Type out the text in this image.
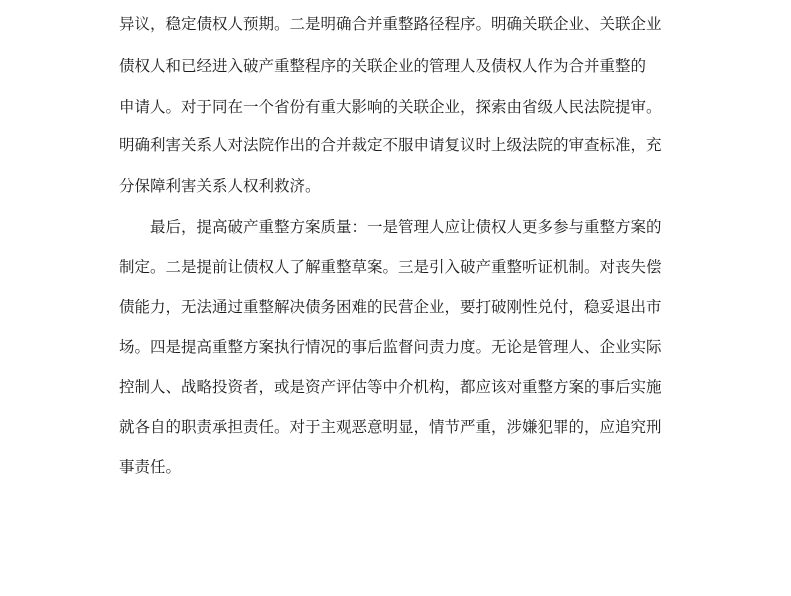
异议，稳定债权人预期。二是明确合并重整路径程序。明确关联企业、关联企业

债权人和已经进入破产重整程序的关联企业的管理人及债权人作为合并重整的

申请人。对于同在一个省份有重大影响的关联企业，探索由省级人民法院提审。

明确利害关系人对法院作出的合并裁定不服申请复议时上级法院的审查标准，充

分保障利害关系人权利救济。

最后，提高破产重整方案质量：一是管理人应让债权人更多参与重整方案的

制定。二是提前让债权人了解重整草案。三是引入破产重整听证机制。对丧失偿

债能力，无法通过重整解决债务困难的民营企业，要打破刚性兑付，稳妥退出市

场。四是提高重整方案执行情况的事后监督问责力度。无论是管理人、企业实际

控制人、战略投资者，或是资产评估等中介机构，都应该对重整方案的事后实施

就各自的职责承担责任。对于主观恶意明显，情节严重，涉嫌犯罪的，应追究刑

事责任。
